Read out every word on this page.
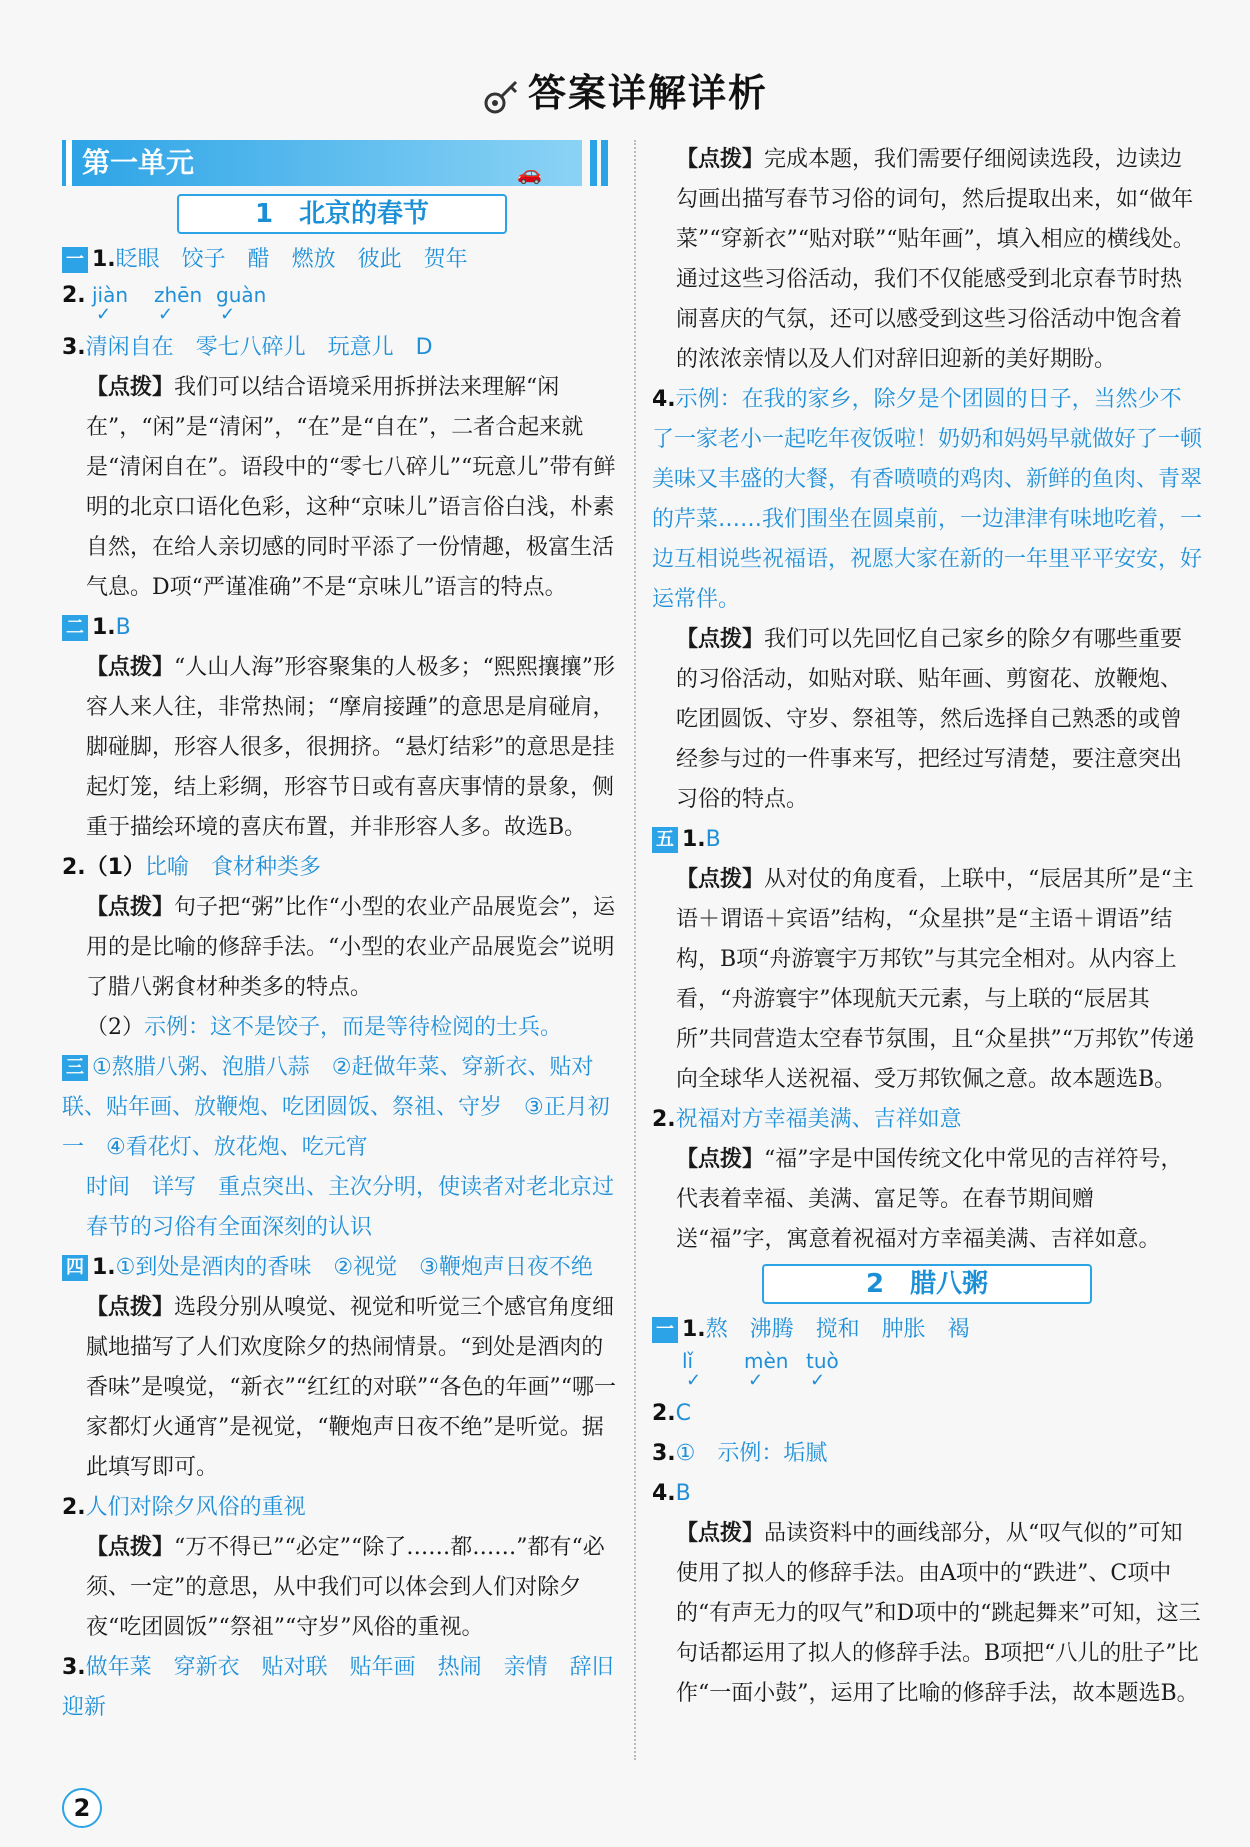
答案详解详析
第一单元	🚗
1　北京的春节
一 1.眨眼　饺子　醋　燃放　彼此　贺年
2. jiàn zhēn guàn
✓	✓	✓
3.清闲自在　零七八碎儿　玩意儿　D
【点拨】我们可以结合语境采用拆拼法来理解“闲在”，“闲”是“清闲”，“在”是“自在”，二者合起来就是“清闲自在”。语段中的“零七八碎儿”“玩意儿”带有鲜明的北京口语化色彩，这种“京味儿”语言俗白浅，朴素自然，在给人亲切感的同时平添了一份情趣，极富生活气息。D项“严谨准确”不是“京味儿”语言的特点。
二 1.B
【点拨】“人山人海”形容聚集的人极多；“熙熙攘攘”形容人来人往，非常热闹；“摩肩接踵”的意思是肩碰肩，脚碰脚，形容人很多，很拥挤。“悬灯结彩”的意思是挂起灯笼，结上彩绸，形容节日或有喜庆事情的景象，侧重于描绘环境的喜庆布置，并非形容人多。故选B。
2.（1）比喻　食材种类多
【点拨】句子把“粥”比作“小型的农业产品展览会”，运用的是比喻的修辞手法。“小型的农业产品展览会”说明了腊八粥食材种类多的特点。
（2）示例：这不是饺子，而是等待检阅的士兵。
三 ①熬腊八粥、泡腊八蒜　②赶做年菜、穿新衣、贴对联、贴年画、放鞭炮、吃团圆饭、祭祖、守岁　③正月初一　④看花灯、放花炮、吃元宵
时间　详写　重点突出、主次分明，使读者对老北京过春节的习俗有全面深刻的认识
四 1.①到处是酒肉的香味　②视觉　③鞭炮声日夜不绝
【点拨】选段分别从嗅觉、视觉和听觉三个感官角度细腻地描写了人们欢度除夕的热闹情景。“到处是酒肉的香味”是嗅觉，“新衣”“红红的对联”“各色的年画”“哪一家都灯火通宵”是视觉，“鞭炮声日夜不绝”是听觉。据此填写即可。
2.人们对除夕风俗的重视
【点拨】“万不得已”“必定”“除了……都……”都有“必须、一定”的意思，从中我们可以体会到人们对除夕夜“吃团圆饭”“祭祖”“守岁”风俗的重视。
3.做年菜　穿新衣　贴对联　贴年画　热闹　亲情　辞旧迎新
【点拨】完成本题，我们需要仔细阅读选段，边读边勾画出描写春节习俗的词句，然后提取出来，如“做年菜”“穿新衣”“贴对联”“贴年画”，填入相应的横线处。通过这些习俗活动，我们不仅能感受到北京春节时热闹喜庆的气氛，还可以感受到这些习俗活动中饱含着的浓浓亲情以及人们对辞旧迎新的美好期盼。
4.示例：在我的家乡，除夕是个团圆的日子，当然少不了一家老小一起吃年夜饭啦！奶奶和妈妈早就做好了一顿美味又丰盛的大餐，有香喷喷的鸡肉、新鲜的鱼肉、青翠的芹菜……我们围坐在圆桌前，一边津津有味地吃着，一边互相说些祝福语，祝愿大家在新的一年里平平安安，好运常伴。
【点拨】我们可以先回忆自己家乡的除夕有哪些重要的习俗活动，如贴对联、贴年画、剪窗花、放鞭炮、吃团圆饭、守岁、祭祖等，然后选择自己熟悉的或曾经参与过的一件事来写，把经过写清楚，要注意突出习俗的特点。
五 1.B
【点拨】从对仗的角度看，上联中，“辰居其所”是“主语＋谓语＋宾语”结构，“众星拱”是“主语＋谓语”结构，B项“舟游寰宇万邦钦”与其完全相对。从内容上看，“舟游寰宇”体现航天元素，与上联的“辰居其所”共同营造太空春节氛围，且“众星拱”“万邦钦”传递向全球华人送祝福、受万邦钦佩之意。故本题选B。
2.祝福对方幸福美满、吉祥如意
【点拨】“福”字是中国传统文化中常见的吉祥符号，代表着幸福、美满、富足等。在春节期间赠送“福”字，寓意着祝福对方幸福美满、吉祥如意。
2　腊八粥
一 1.熬　沸腾　搅和　肿胀　褐
lǐ	mèn tuò
✓	✓	✓
2.C
3.①　 示例：垢腻
4.B
【点拨】品读资料中的画线部分，从“叹气似的”可知使用了拟人的修辞手法。由A项中的“跌进”、C项中的“有声无力的叹气”和D项中的“跳起舞来”可知，这三句话都运用了拟人的修辞手法。B项把“八儿的肚子”比作“一面小鼓”，运用了比喻的修辞手法，故本题选B。
2
